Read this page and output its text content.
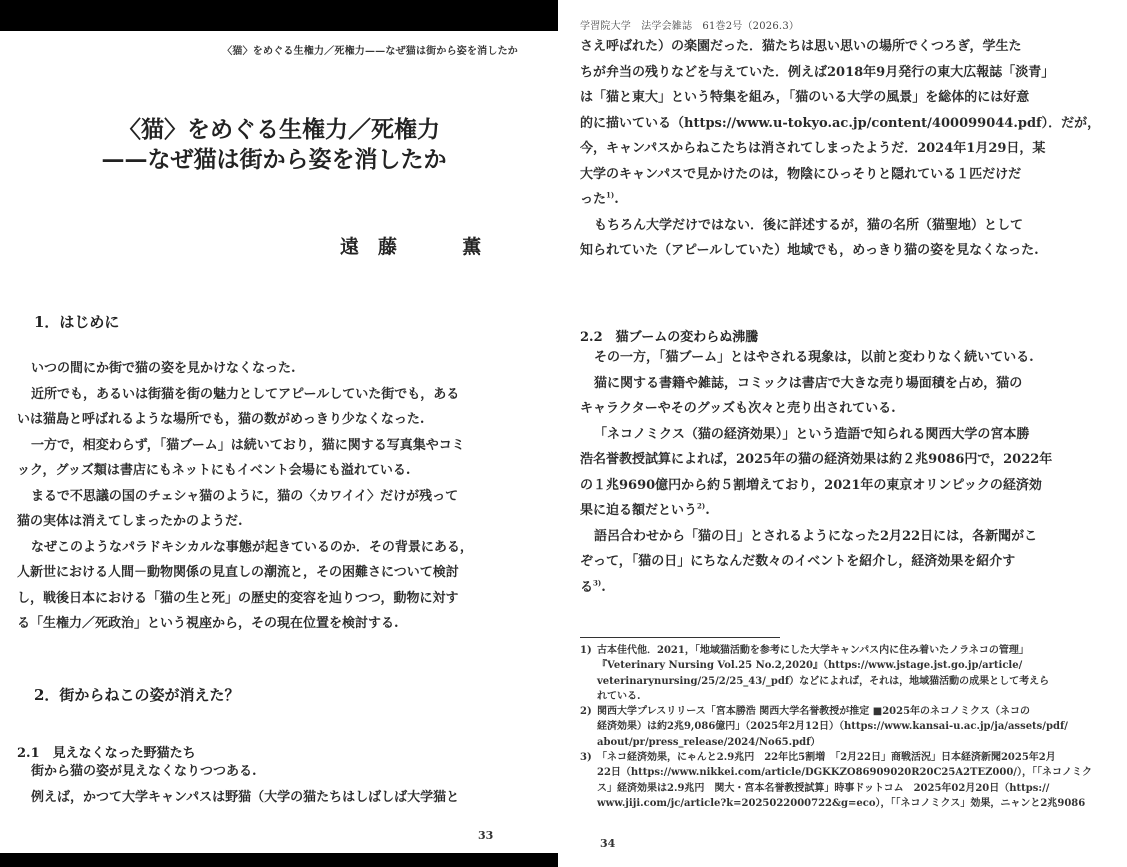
〈猫〉をめぐる生権力／死権力——なぜ猫は街から姿を消したか
〈猫〉をめぐる生権力／死権力
——なぜ猫は街から姿を消したか
遠　藤	薫
1．はじめに
いつの間にか街で猫の姿を見かけなくなった.
近所でも，あるいは街猫を街の魅力としてアピールしていた街でも，ある
いは猫島と呼ばれるような場所でも，猫の数がめっきり少なくなった.
一方で，相変わらず，「猫ブーム」は続いており，猫に関する写真集やコミ
ック，グッズ類は書店にもネットにもイベント会場にも溢れている.
まるで不思議の国のチェシャ猫のように，猫の〈カワイイ〉だけが残って
猫の実体は消えてしまったかのようだ.
なぜこのようなパラドキシカルな事態が起きているのか．その背景にある，
人新世における人間－動物関係の見直しの潮流と，その困難さについて検討
し，戦後日本における「猫の生と死」の歴史的変容を辿りつつ，動物に対す
る「生権力／死政治」という視座から，その現在位置を検討する.
2．街からねこの姿が消えた？
2.1　見えなくなった野猫たち
街から猫の姿が見えなくなりつつある.
例えば，かつて大学キャンパスは野猫（大学の猫たちはしばしば大学猫と
33
学習院大学　法学会雑誌　61巻2号（2026.3）
さえ呼ばれた）の楽園だった．猫たちは思い思いの場所でくつろぎ，学生た
ちが弁当の残りなどを与えていた．例えば2018年9月発行の東大広報誌「淡青」
は「猫と東大」という特集を組み，「猫のいる大学の風景」を総体的には好意
的に描いている（https://www.u-tokyo.ac.jp/content/400099044.pdf）．だが，
今，キャンパスからねこたちは消されてしまったようだ．2024年1月29日，某
大学のキャンパスで見かけたのは，物陰にひっそりと隠れている１匹だけだ
った$^{1)}$.
もちろん大学だけではない．後に詳述するが，猫の名所（猫聖地）として
知られていた（アピールしていた）地域でも，めっきり猫の姿を見なくなった.
2.2　猫ブームの変わらぬ沸騰
その一方，「猫ブーム」とはやされる現象は，以前と変わりなく続いている.
猫に関する書籍や雑誌，コミックは書店で大きな売り場面積を占め，猫の
キャラクターやそのグッズも次々と売り出されている.
「ネコノミクス（猫の経済効果）」という造語で知られる関西大学の宮本勝
浩名誉教授試算によれば，2025年の猫の経済効果は約２兆9086円で，2022年
の１兆9690億円から約５割増えており，2021年の東京オリンピックの経済効
果に迫る額だという$^{2)}$.
語呂合わせから「猫の日」とされるようになった2月22日には，各新聞がこ
ぞって，「猫の日」にちなんだ数々のイベントを紹介し，経済効果を紹介す
る$^{3)}$.
1) 古本佳代他．2021，「地域猫活動を参考にした大学キャンパス内に住み着いたノラネコの管理」
『Veterinary Nursing Vol.25 No.2,2020』（https://www.jstage.jst.go.jp/article/
veterinarynursing/25/2/25_43/_pdf）などによれば，それは，地域猫活動の成果として考えら
れている.
2) 関西大学プレスリリース「宮本勝浩 関西大学名誉教授が推定 ■2025年のネコノミクス（ネコの
経済効果）は約2兆9,086億円」（2025年2月12日）（https://www.kansai-u.ac.jp/ja/assets/pdf/
about/pr/press_release/2024/No65.pdf）
3) 「ネコ経済効果，にゃんと2.9兆円　22年比5割増　「2月22日」商戦活況」日本経済新聞2025年2月
22日（https://www.nikkei.com/article/DGKKZO86909020R20C25A2TEZ000/），「「ネコノミク
ス」経済効果は2.9兆円　関大・宮本名誉教授試算」時事ドットコム　2025年02月20日（https://
www.jiji.com/jc/article?k=2025022000722&g=eco），「「ネコノミクス」効果，ニャンと2兆9086
34
